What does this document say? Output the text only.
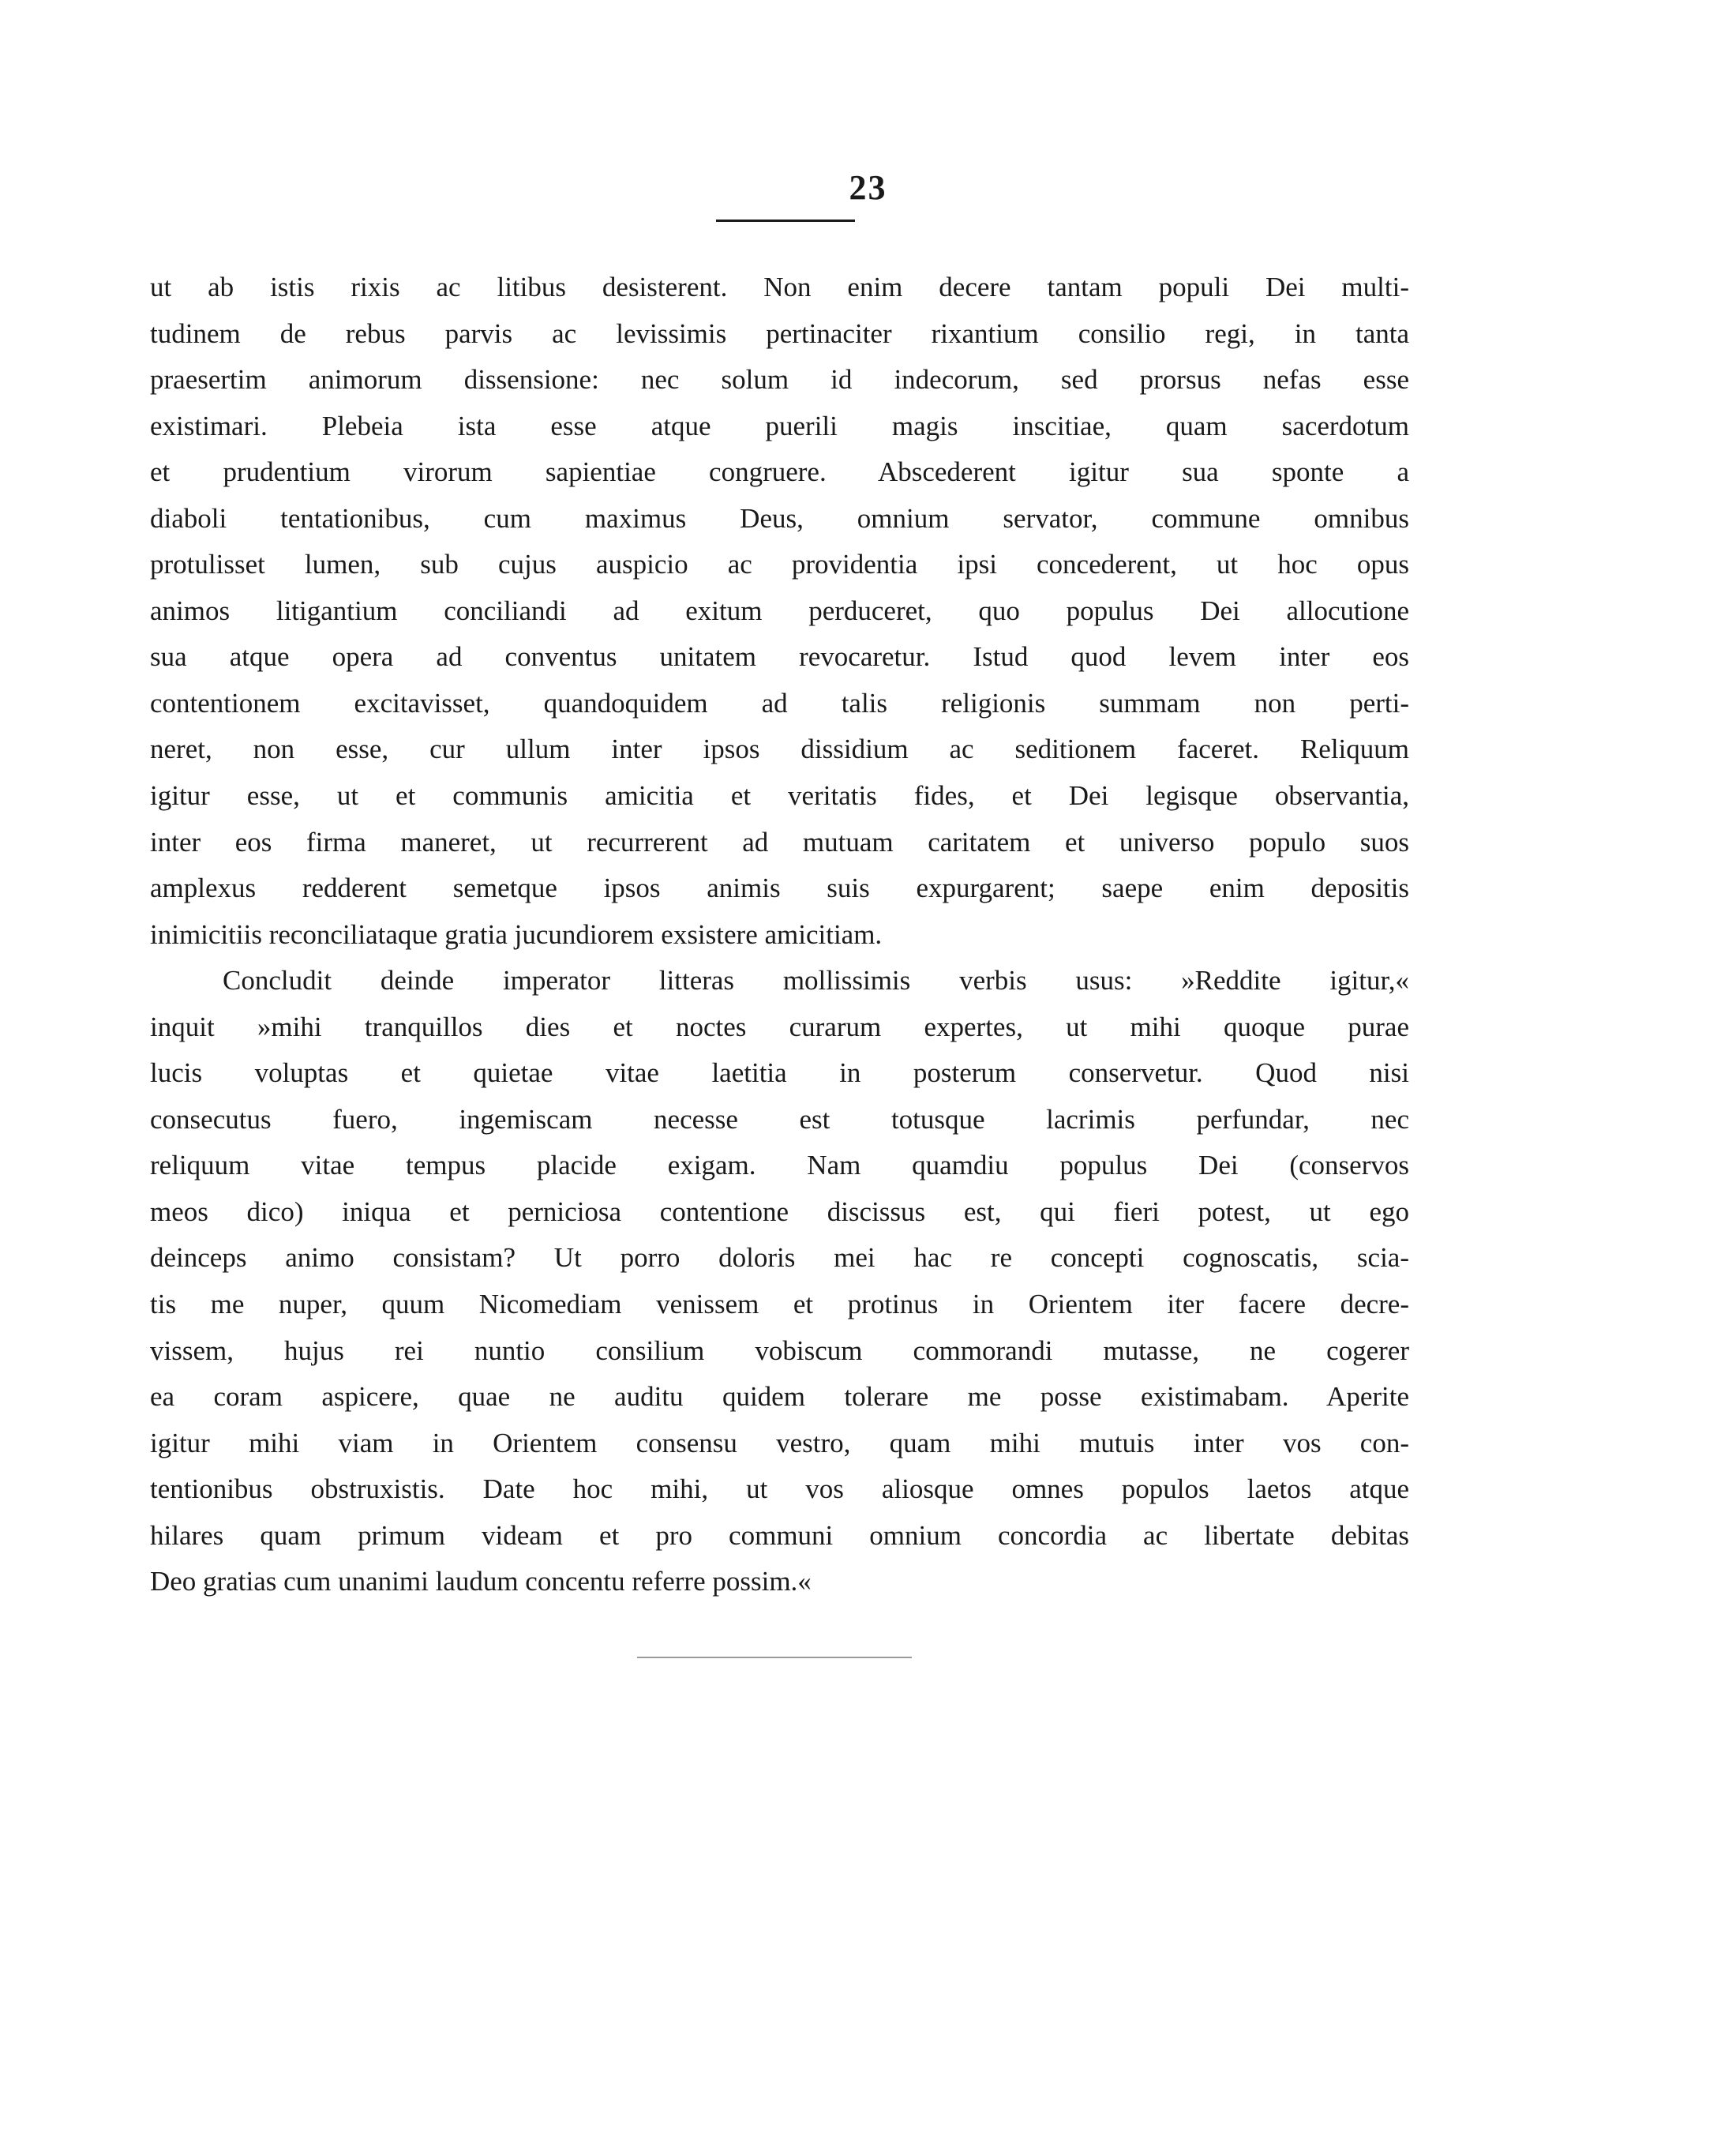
23
ut ab istis rixis ac litibus desisterent. Non enim decere tantam populi Dei multi-
tudinem de rebus parvis ac levissimis pertinaciter rixantium consilio regi, in tanta
praesertim animorum dissensione: nec solum id indecorum, sed prorsus nefas esse
existimari. Plebeia ista esse atque puerili magis inscitiae, quam sacerdotum
et prudentium virorum sapientiae congruere. Abscederent igitur sua sponte a
diaboli tentationibus, cum maximus Deus, omnium servator, commune omnibus
protulisset lumen, sub cujus auspicio ac providentia ipsi concederent, ut hoc opus
animos litigantium conciliandi ad exitum perduceret, quo populus Dei allocutione
sua atque opera ad conventus unitatem revocaretur. Istud quod levem inter eos
contentionem excitavisset, quandoquidem ad talis religionis summam non perti-
neret, non esse, cur ullum inter ipsos dissidium ac seditionem faceret. Reliquum
igitur esse, ut et communis amicitia et veritatis fides, et Dei legisque observantia,
inter eos firma maneret, ut recurrerent ad mutuam caritatem et universo populo suos
amplexus redderent semetque ipsos animis suis expurgarent; saepe enim depositis
inimicitiis reconciliataque gratia jucundiorem exsistere amicitiam.
Concludit deinde imperator litteras mollissimis verbis usus: »Reddite igitur,«
inquit »mihi tranquillos dies et noctes curarum expertes, ut mihi quoque purae
lucis voluptas et quietae vitae laetitia in posterum conservetur. Quod nisi
consecutus fuero, ingemiscam necesse est totusque lacrimis perfundar, nec
reliquum vitae tempus placide exigam. Nam quamdiu populus Dei (conservos
meos dico) iniqua et perniciosa contentione discissus est, qui fieri potest, ut ego
deinceps animo consistam? Ut porro doloris mei hac re concepti cognoscatis, scia-
tis me nuper, quum Nicomediam venissem et protinus in Orientem iter facere decre-
vissem, hujus rei nuntio consilium vobiscum commorandi mutasse, ne cogerer
ea coram aspicere, quae ne auditu quidem tolerare me posse existimabam. Aperite
igitur mihi viam in Orientem consensu vestro, quam mihi mutuis inter vos con-
tentionibus obstruxistis. Date hoc mihi, ut vos aliosque omnes populos laetos atque
hilares quam primum videam et pro communi omnium concordia ac libertate debitas
Deo gratias cum unanimi laudum concentu referre possim.«
